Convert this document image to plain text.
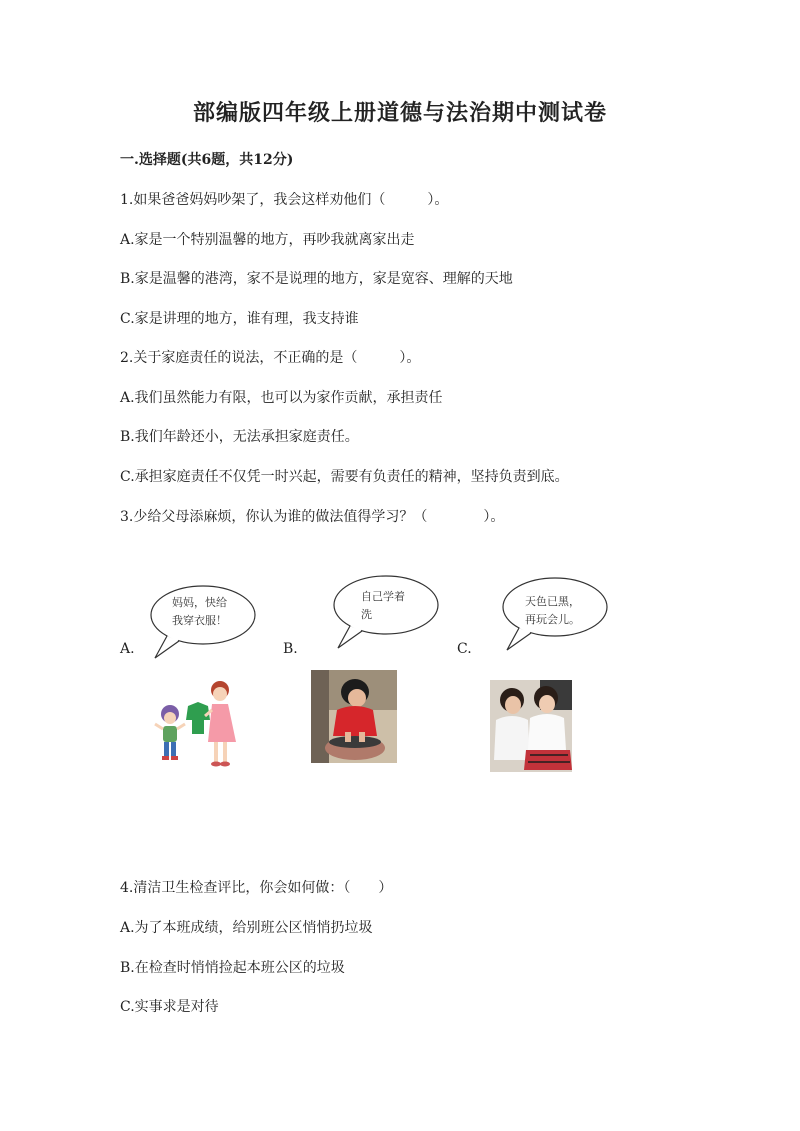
部编版四年级上册道德与法治期中测试卷
一.选择题(共6题，共12分)
1.如果爸爸妈妈吵架了，我会这样劝他们（　　　）。
A.家是一个特别温馨的地方，再吵我就离家出走
B.家是温馨的港湾，家不是说理的地方，家是宽容、理解的天地
C.家是讲理的地方，谁有理，我支持谁
2.关于家庭责任的说法，不正确的是（　　　）。
A.我们虽然能力有限，也可以为家作贡献，承担责任
B.我们年龄还小，无法承担家庭责任。
C.承担家庭责任不仅凭一时兴起，需要有负责任的精神，坚持负责到底。
3.少给父母添麻烦，你认为谁的做法值得学习？（　　　　）。
A.
妈妈，快给
我穿衣服！
B.
自己学着
洗
C.
天色已黑，
再玩会儿。
4.清洁卫生检查评比，你会如何做：（　　）
A.为了本班成绩，给别班公区悄悄扔垃圾
B.在检查时悄悄捡起本班公区的垃圾
C.实事求是对待
